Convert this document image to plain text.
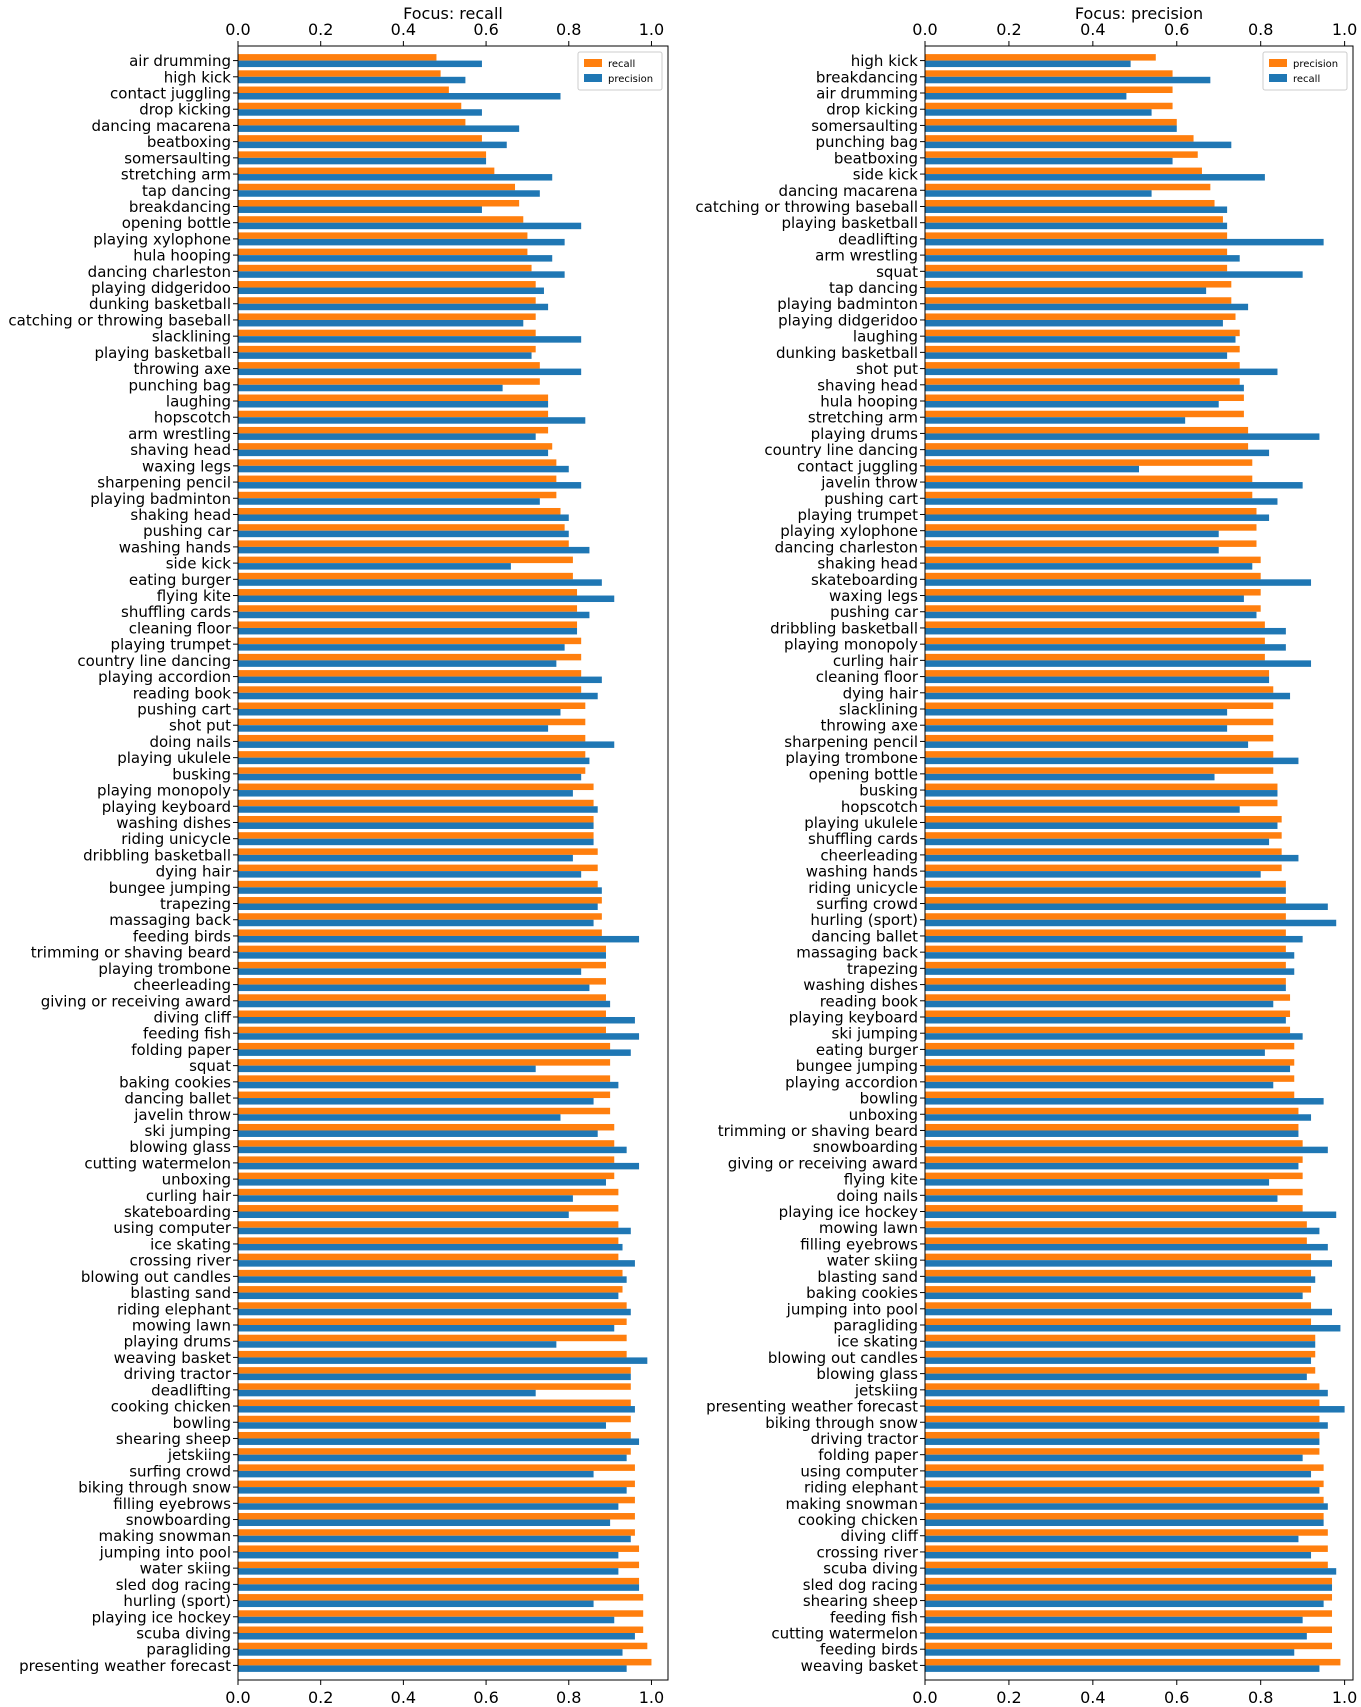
air drumming
high kick
contact juggling
drop kicking
dancing macarena
beatboxing
somersaulting
stretching arm
tap dancing
breakdancing
opening bottle
playing xylophone
hula hooping
dancing charleston
playing didgeridoo
dunking basketball
catching or throwing baseball
slacklining
playing basketball
throwing axe
punching bag
laughing
hopscotch
arm wrestling
shaving head
waxing legs
sharpening pencil
playing badminton
shaking head
pushing car
washing hands
side kick
eating burger
flying kite
shuffling cards
cleaning floor
playing trumpet
country line dancing
playing accordion
reading book
pushing cart
shot put
doing nails
playing ukulele
busking
playing monopoly
playing keyboard
washing dishes
riding unicycle
dribbling basketball
dying hair
bungee jumping
trapezing
massaging back
feeding birds
trimming or shaving beard
playing trombone
cheerleading
giving or receiving award
diving cliff
feeding fish
folding paper
squat
baking cookies
dancing ballet
javelin throw
ski jumping
blowing glass
cutting watermelon
unboxing
curling hair
skateboarding
using computer
ice skating
crossing river
blowing out candles
blasting sand
riding elephant
mowing lawn
playing drums
weaving basket
driving tractor
deadlifting
cooking chicken
bowling
shearing sheep
jetskiing
surfing crowd
biking through snow
filling eyebrows
snowboarding
making snowman
jumping into pool
water skiing
sled dog racing
hurling (sport)
playing ice hockey
scuba diving
paragliding
presenting weather forecast
0.0
0.0
0.2
0.2
0.4
0.4
0.6
0.6
0.8
0.8
1.0
1.0
Focus: recall
recall
precision
high kick
breakdancing
air drumming
drop kicking
somersaulting
punching bag
beatboxing
side kick
dancing macarena
catching or throwing baseball
playing basketball
deadlifting
arm wrestling
squat
tap dancing
playing badminton
playing didgeridoo
laughing
dunking basketball
shot put
shaving head
hula hooping
stretching arm
playing drums
country line dancing
contact juggling
javelin throw
pushing cart
playing trumpet
playing xylophone
dancing charleston
shaking head
skateboarding
waxing legs
pushing car
dribbling basketball
playing monopoly
curling hair
cleaning floor
dying hair
slacklining
throwing axe
sharpening pencil
playing trombone
opening bottle
busking
hopscotch
playing ukulele
shuffling cards
cheerleading
washing hands
riding unicycle
surfing crowd
hurling (sport)
dancing ballet
massaging back
trapezing
washing dishes
reading book
playing keyboard
ski jumping
eating burger
bungee jumping
playing accordion
bowling
unboxing
trimming or shaving beard
snowboarding
giving or receiving award
flying kite
doing nails
playing ice hockey
mowing lawn
filling eyebrows
water skiing
blasting sand
baking cookies
jumping into pool
paragliding
ice skating
blowing out candles
blowing glass
jetskiing
presenting weather forecast
biking through snow
driving tractor
folding paper
using computer
riding elephant
making snowman
cooking chicken
diving cliff
crossing river
scuba diving
sled dog racing
shearing sheep
feeding fish
cutting watermelon
feeding birds
weaving basket
0.0
0.0
0.2
0.2
0.4
0.4
0.6
0.6
0.8
0.8
1.0
1.0
Focus: precision
precision
recall
